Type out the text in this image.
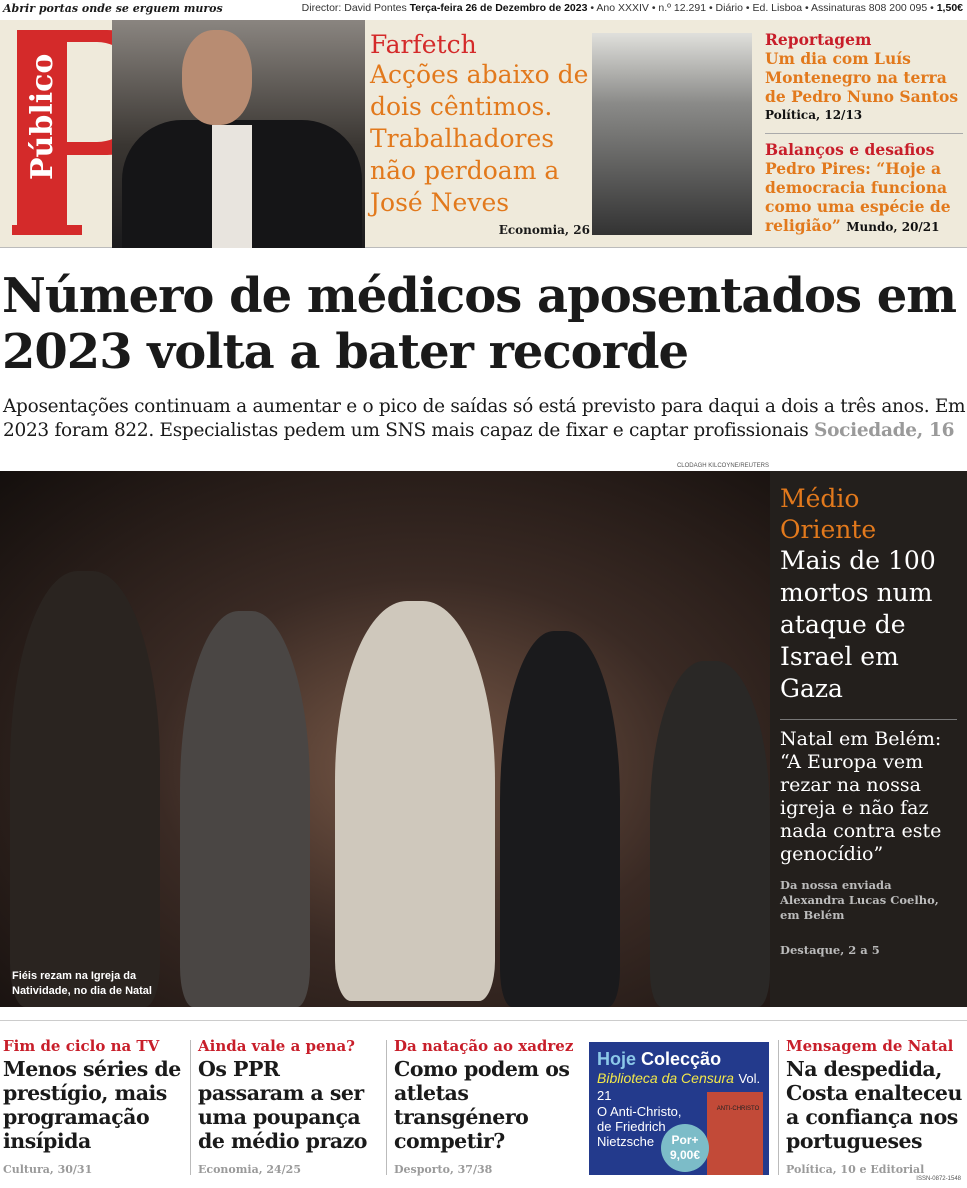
Abrir portas onde se erguem muros	Director: David Pontes Terça-feira 26 de Dezembro de 2023 • Ano XXXIV • n.º 12.291 • Diário • Ed. Lisboa • Assinaturas 808 200 095 • 1,50€
Público
Farfetch
Acções abaixo de dois cêntimos. Trabalhadores não perdoam a José Neves
Economia, 26
Reportagem
Um dia com Luís Montenegro na terra de Pedro Nuno Santos
Política, 12/13
Balanços e desafios
Pedro Pires: “Hoje a democracia funciona como uma espécie de religião” Mundo, 20/21
Número de médicos aposentados em 2023 volta a bater recorde
Aposentações continuam a aumentar e o pico de saídas só está previsto para daqui a dois a três anos. Em 2023 foram 822. Especialistas pedem um SNS mais capaz de fixar e captar profissionais Sociedade, 16
CLODAGH KILCOYNE/REUTERS
Fiéis rezam na Igreja da
Natividade, no dia de Natal
Médio Oriente
Mais de 100 mortos num ataque de Israel em Gaza
Natal em Belém: “A Europa vem rezar na nossa igreja e não faz nada contra este genocídio”
Da nossa enviada
Alexandra Lucas Coelho,
em Belém
Destaque, 2 a 5
Fim de ciclo na TV
Menos séries de prestígio, mais programação insípida
Cultura, 30/31
Ainda vale a pena?
Os PPR passaram a ser uma poupança de médio prazo
Economia, 24/25
Da natação ao xadrez
Como podem os atletas transgénero competir?
Desporto, 37/38
Hoje Colecção
Biblioteca da Censura Vol. 21
O Anti-Christo,
de Friedrich
Nietzsche
ANTI-CHRISTO
Por+
9,00€
Mensagem de Natal
Na despedida, Costa enalteceu a confiança nos portugueses
Política, 10 e Editorial
ISSN-0872-1548
